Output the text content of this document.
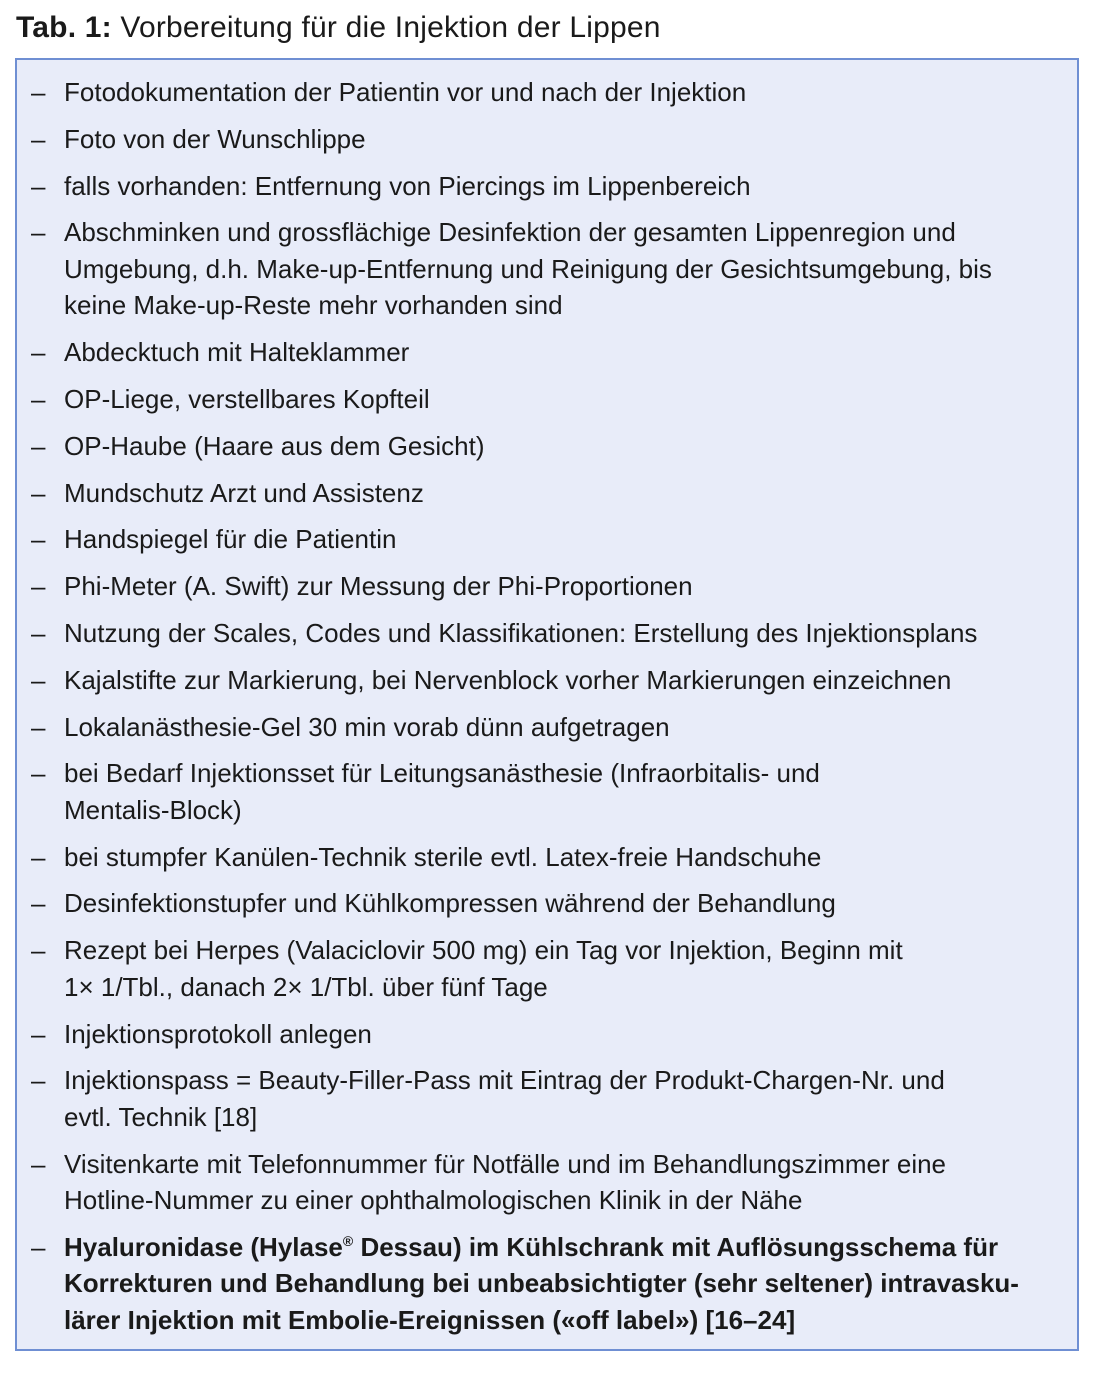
Tab. 1: Vorbereitung für die Injektion der Lippen
– Fotodokumentation der Patientin vor und nach der Injektion
– Foto von der Wunschlippe
– falls vorhanden: Entfernung von Piercings im Lippenbereich
– Abschminken und grossflächige Desinfektion der gesamten Lippenregion und
Umgebung, d.h. Make-up-Entfernung und Reinigung der Gesichtsumgebung, bis
keine Make-up-Reste mehr vorhanden sind
– Abdecktuch mit Halteklammer
– OP-Liege, verstellbares Kopfteil
– OP-Haube (Haare aus dem Gesicht)
– Mundschutz Arzt und Assistenz
– Handspiegel für die Patientin
– Phi-Meter (A. Swift) zur Messung der Phi-Proportionen
– Nutzung der Scales, Codes und Klassifikationen: Erstellung des Injektionsplans
– Kajalstifte zur Markierung, bei Nervenblock vorher Markierungen einzeichnen
– Lokalanästhesie-Gel 30 min vorab dünn aufgetragen
– bei Bedarf Injektionsset für Leitungsanästhesie (Infraorbitalis- und
Mentalis-Block)
– bei stumpfer Kanülen-Technik sterile evtl. Latex-freie Handschuhe
– Desinfektionstupfer und Kühlkompressen während der Behandlung
– Rezept bei Herpes (Valaciclovir 500 mg) ein Tag vor Injektion, Beginn mit
1× 1/Tbl., danach 2× 1/Tbl. über fünf Tage
– Injektionsprotokoll anlegen
– Injektionspass = Beauty-Filler-Pass mit Eintrag der Produkt-Chargen-Nr. und
evtl. Technik [18]
– Visitenkarte mit Telefonnummer für Notfälle und im Behandlungszimmer eine
Hotline-Nummer zu einer ophthalmologischen Klinik in der Nähe
– Hyaluronidase (Hylase® Dessau) im Kühlschrank mit Auflösungsschema für
Korrekturen und Behandlung bei unbeabsichtigter (sehr seltener) intravasku-
lärer Injektion mit Embolie-Ereignissen («off label») [16–24]
